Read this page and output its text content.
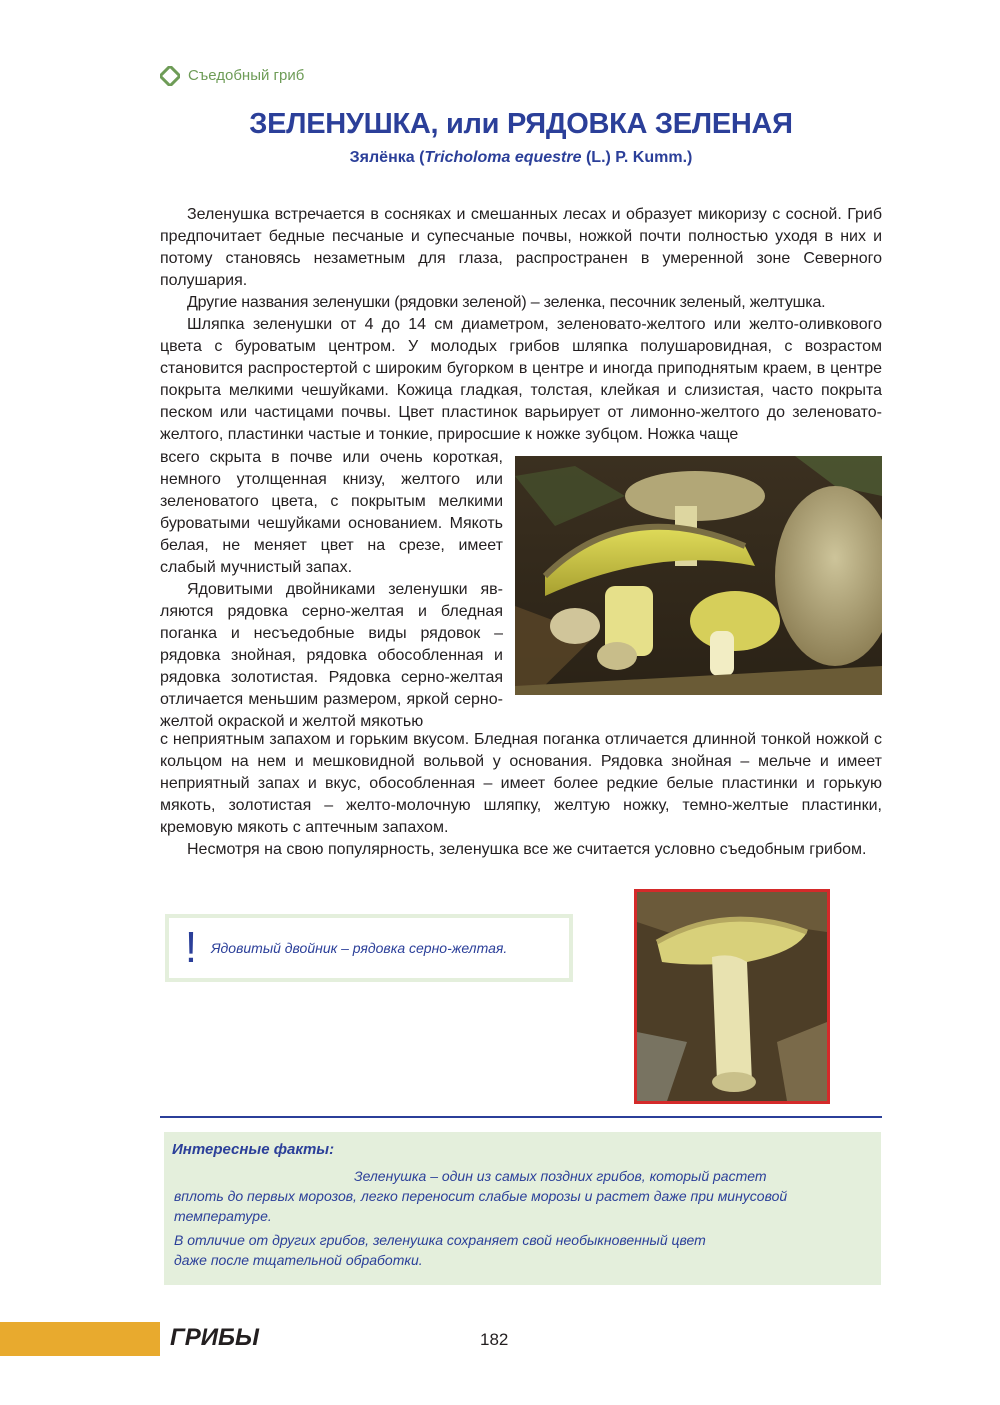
Съедобный гриб
ЗЕЛЕНУШКА, или РЯДОВКА ЗЕЛЕНАЯ
Зялёнка (Tricholoma equestre (L.) P. Kumm.)

Зеленушка встречается в сосняках и смешанных лесах и образует микоризу с сосной. Гриб предпочитает бедные песчаные и супесчаные почвы, ножкой почти полностью уходя в них и потому становясь незаметным для глаза, распространен в умеренной зоне Северного полушария.

Другие названия зеленушки (рядовки зеленой) – зеленка, песочник зеленый, желтушка.

Шляпка зеленушки от 4 до 14 см диаметром, зеленовато-желтого или желто-оливкового цвета с буроватым центром. У молодых грибов шляпка полушаровидная, с возрастом становится распростертой с широким бугорком в центре и иногда приподнятым краем, в центре покрыта мелкими чешуйками. Кожица гладкая, толстая, клейкая и слизистая, часто покрыта песком или частицами почвы. Цвет пластинок варьирует от лимонно-желтого до зеленовато-желтого, пластинки частые и тонкие, приросшие к ножке зубцом. Ножка чаще

всего скрыта в почве или очень короткая, немного утолщенная книзу, желтого или зеленоватого цвета, с покрытым мелкими буроватыми чешуйками основанием. Мякоть белая, не меняет цвет на срезе, имеет слабый мучнистый запах.

Ядовитыми двойниками зеленушки являются рядовка серно-желтая и бледная поганка и несъедобные виды рядовок – рядовка знойная, рядовка обособленная и рядовка золотистая. Рядовка серно-желтая отличается меньшим размером, яркой серно-желтой окраской и желтой мякотью

с неприятным запахом и горьким вкусом. Бледная поганка отличается длинной тонкой ножкой с кольцом на нем и мешковидной вольвой у основания. Рядовка знойная – мельче и имеет неприятный запах и вкус, обособленная – имеет более редкие белые пластинки и горькую мякоть, золотистая – желто-молочную шляпку, желтую ножку, темно-желтые пластинки, кремовую мякоть с аптечным запахом.

Несмотря на свою популярность, зеленушка все же считается условно съедобным грибом.

! Ядовитый двойник – рядовка серно-желтая.
Интересные факты:
Зеленушка – один из самых поздних грибов, который растет
вплоть до первых морозов, легко переносит слабые морозы и растет даже при минусовой
температуре.
В отличие от других грибов, зеленушка сохраняет свой необыкновенный цвет
даже после тщательной обработки.
ГРИБЫ	182
